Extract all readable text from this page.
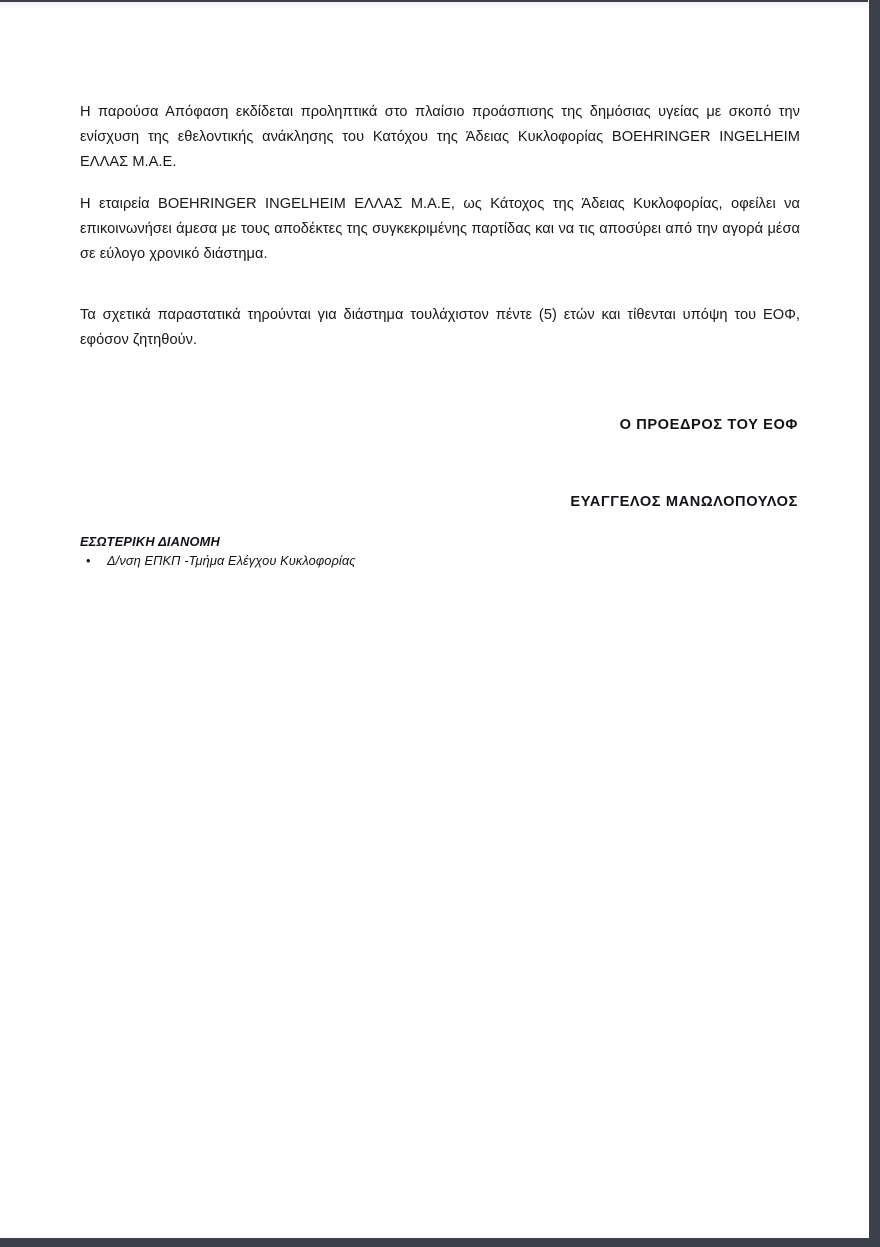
Η παρούσα Απόφαση εκδίδεται προληπτικά στο πλαίσιο προάσπισης της δημόσιας υγείας με σκοπό την ενίσχυση της εθελοντικής ανάκλησης του Κατόχου της Άδειας Κυκλοφορίας BOEHRINGER INGELHEIM ΕΛΛΑΣ Μ.Α.Ε.

Η εταιρεία BOEHRINGER INGELHEIM ΕΛΛΑΣ Μ.Α.Ε, ως Κάτοχος της Άδειας Κυκλοφορίας, οφείλει να επικοινωνήσει άμεσα με τους αποδέκτες της συγκεκριμένης παρτίδας και να τις αποσύρει από την αγορά μέσα σε εύλογο χρονικό διάστημα.

Τα σχετικά παραστατικά τηρούνται για διάστημα τουλάχιστον πέντε (5) ετών και τίθενται υπόψη του ΕΟΦ, εφόσον ζητηθούν.

Ο ΠΡΟΕΔΡΟΣ ΤΟΥ ΕΟΦ
ΕΥΑΓΓΕΛΟΣ ΜΑΝΩΛΟΠΟΥΛΟΣ
ΕΣΩΤΕΡΙΚΗ ΔΙΑΝΟΜΗ
• Δ/νση ΕΠΚΠ -Τμήμα Ελέγχου Κυκλοφορίας
